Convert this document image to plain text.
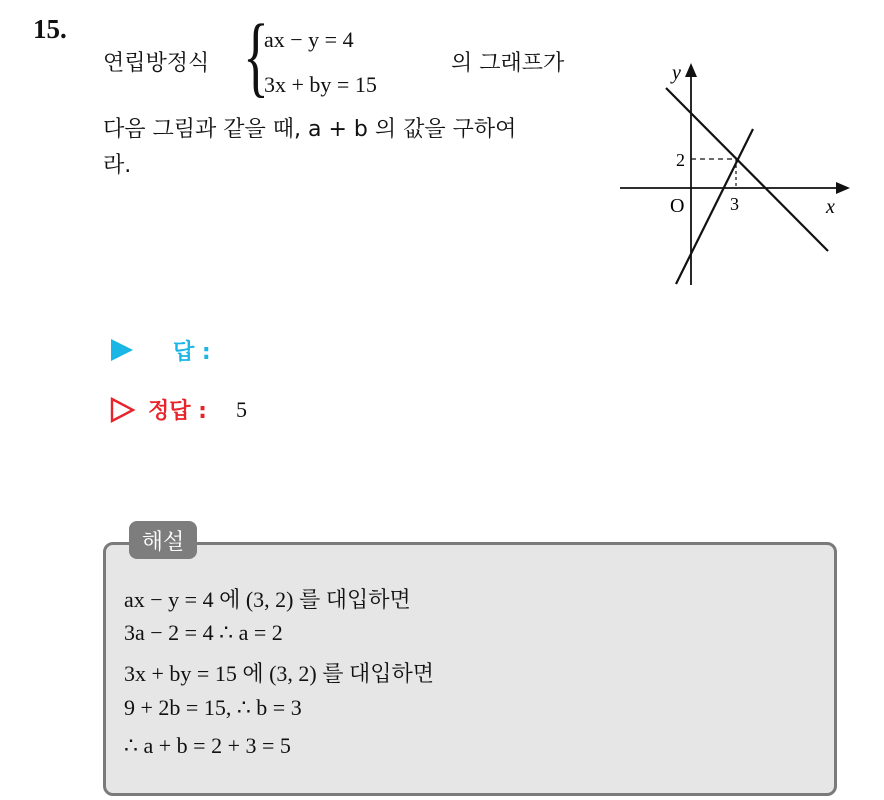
15.
연립방정식 {
ax − y = 4
3x + by = 15
의 그래프가
다음 그림과 같을 때, a + b 의 값을 구하여
라.
y
x
O	3
2
답 :
정답 : 5
해설
ax − y = 4 에 (3, 2) 를 대입하면
3a − 2 = 4 ∴ a = 2
3x + by = 15 에 (3, 2) 를 대입하면
9 + 2b = 15, ∴ b = 3
∴ a + b = 2 + 3 = 5
